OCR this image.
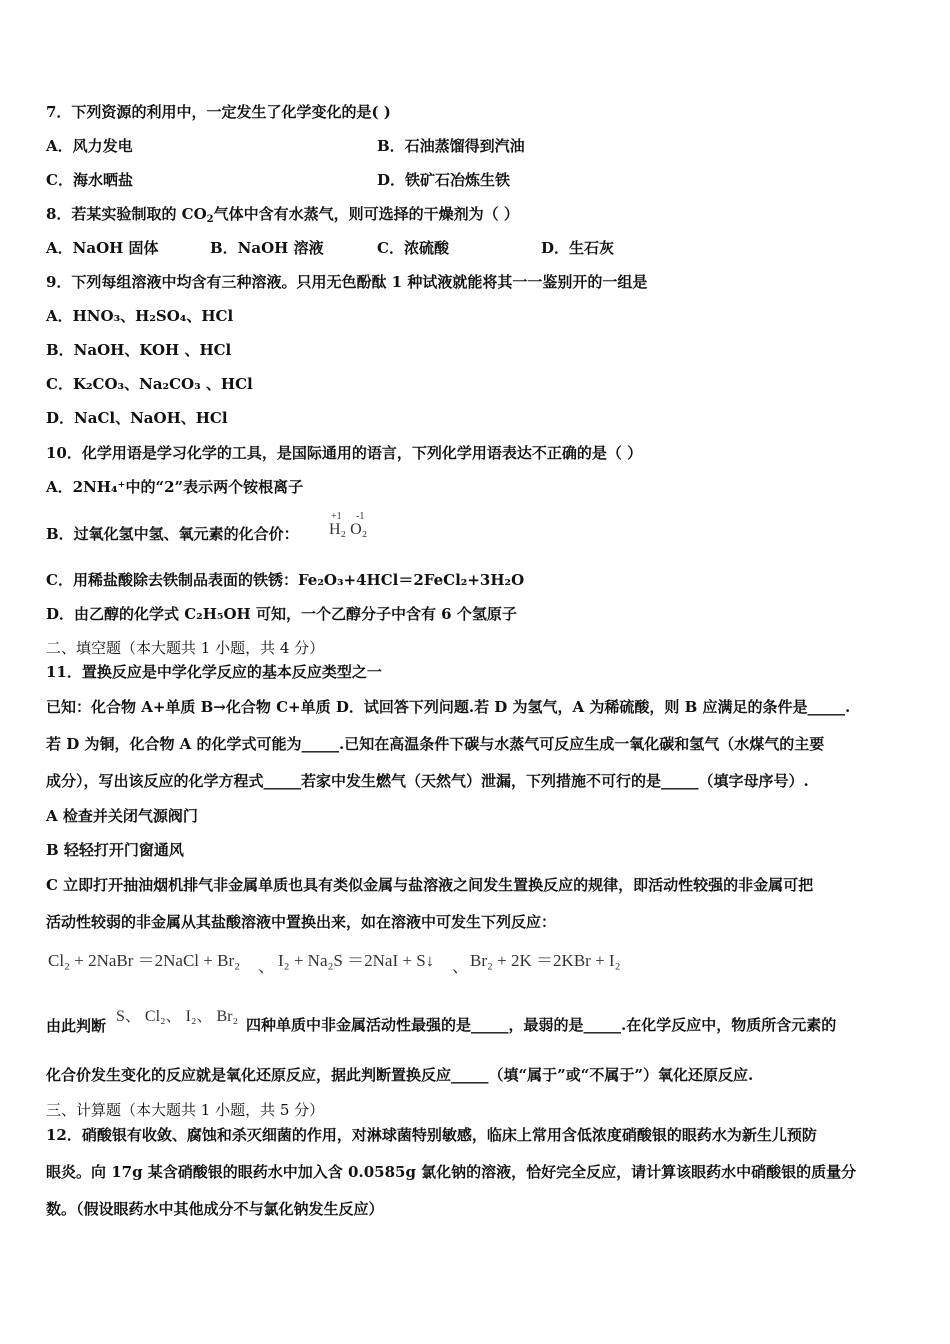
7．下列资源的利用中，一定发生了化学变化的是( )
A．风力发电	B．石油蒸馏得到汽油
C．海水晒盐	D．铁矿石冶炼生铁
8．若某实验制取的 $CO_2$气体中含有水蒸气，则可选择的干燥剂为（ ）
A．NaOH 固体	B．NaOH 溶液	C．浓硫酸	D．生石灰
9．下列每组溶液中均含有三种溶液。只用无色酚酞 1 种试液就能将其一一鉴别开的一组是
A．HNO₃、H₂SO₄、HCl
B．NaOH、KOH 、HCl
C．K₂CO₃、Na₂CO₃ 、HCl
D．NaCl、NaOH、HCl
10．化学用语是学习化学的工具，是国际通用的语言，下列化学用语表达不正确的是（ ）
A．2NH₄⁺中的“2”表示两个铵根离子
B．过氧化氢中氢、氧元素的化合价：
+1 -1
H₂ O₂
C．用稀盐酸除去铁制品表面的铁锈：Fe₂O₃+4HCl＝2FeCl₂+3H₂O
D．由乙醇的化学式 C₂H₅OH 可知，一个乙醇分子中含有 6 个氢原子
二、填空题（本大题共 1 小题，共 4 分）
11．置换反应是中学化学反应的基本反应类型之一
已知：化合物 A+单质 B→化合物 C+单质 D．试回答下列问题.若 D 为氢气，A 为稀硫酸，则 B 应满足的条件是_____.
若 D 为铜，化合物 A 的化学式可能为_____.已知在高温条件下碳与水蒸气可反应生成一氧化碳和氢气（水煤气的主要
成分），写出该反应的化学方程式_____若家中发生燃气（天然气）泄漏，下列措施不可行的是_____（填字母序号）.
A 检查并关闭气源阀门
B 轻轻打开门窗通风
C 立即打开抽油烟机排气非金属单质也具有类似金属与盐溶液之间发生置换反应的规律，即活动性较强的非金属可把
活动性较弱的非金属从其盐酸溶液中置换出来，如在溶液中可发生下列反应：
Cl₂ + 2NaBr ＝2NaCl + Br₂ 、 I₂ + Na₂S ＝2NaI + S↓ 、 Br₂ + 2K ＝2KBr + I₂
由此判断
S、 Cl₂、 I₂、 Br₂ 四种单质中非金属活动性最强的是_____，最弱的是_____.在化学反应中，物质所含元素的
化合价发生变化的反应就是氧化还原反应，据此判断置换反应_____（填“属于”或“不属于”）氧化还原反应.
三、计算题（本大题共 1 小题，共 5 分）
12．硝酸银有收敛、腐蚀和杀灭细菌的作用，对淋球菌特别敏感，临床上常用含低浓度硝酸银的眼药水为新生儿预防
眼炎。向 17g 某含硝酸银的眼药水中加入含 0.0585g 氯化钠的溶液，恰好完全反应，请计算该眼药水中硝酸银的质量分
数。（假设眼药水中其他成分不与氯化钠发生反应）
